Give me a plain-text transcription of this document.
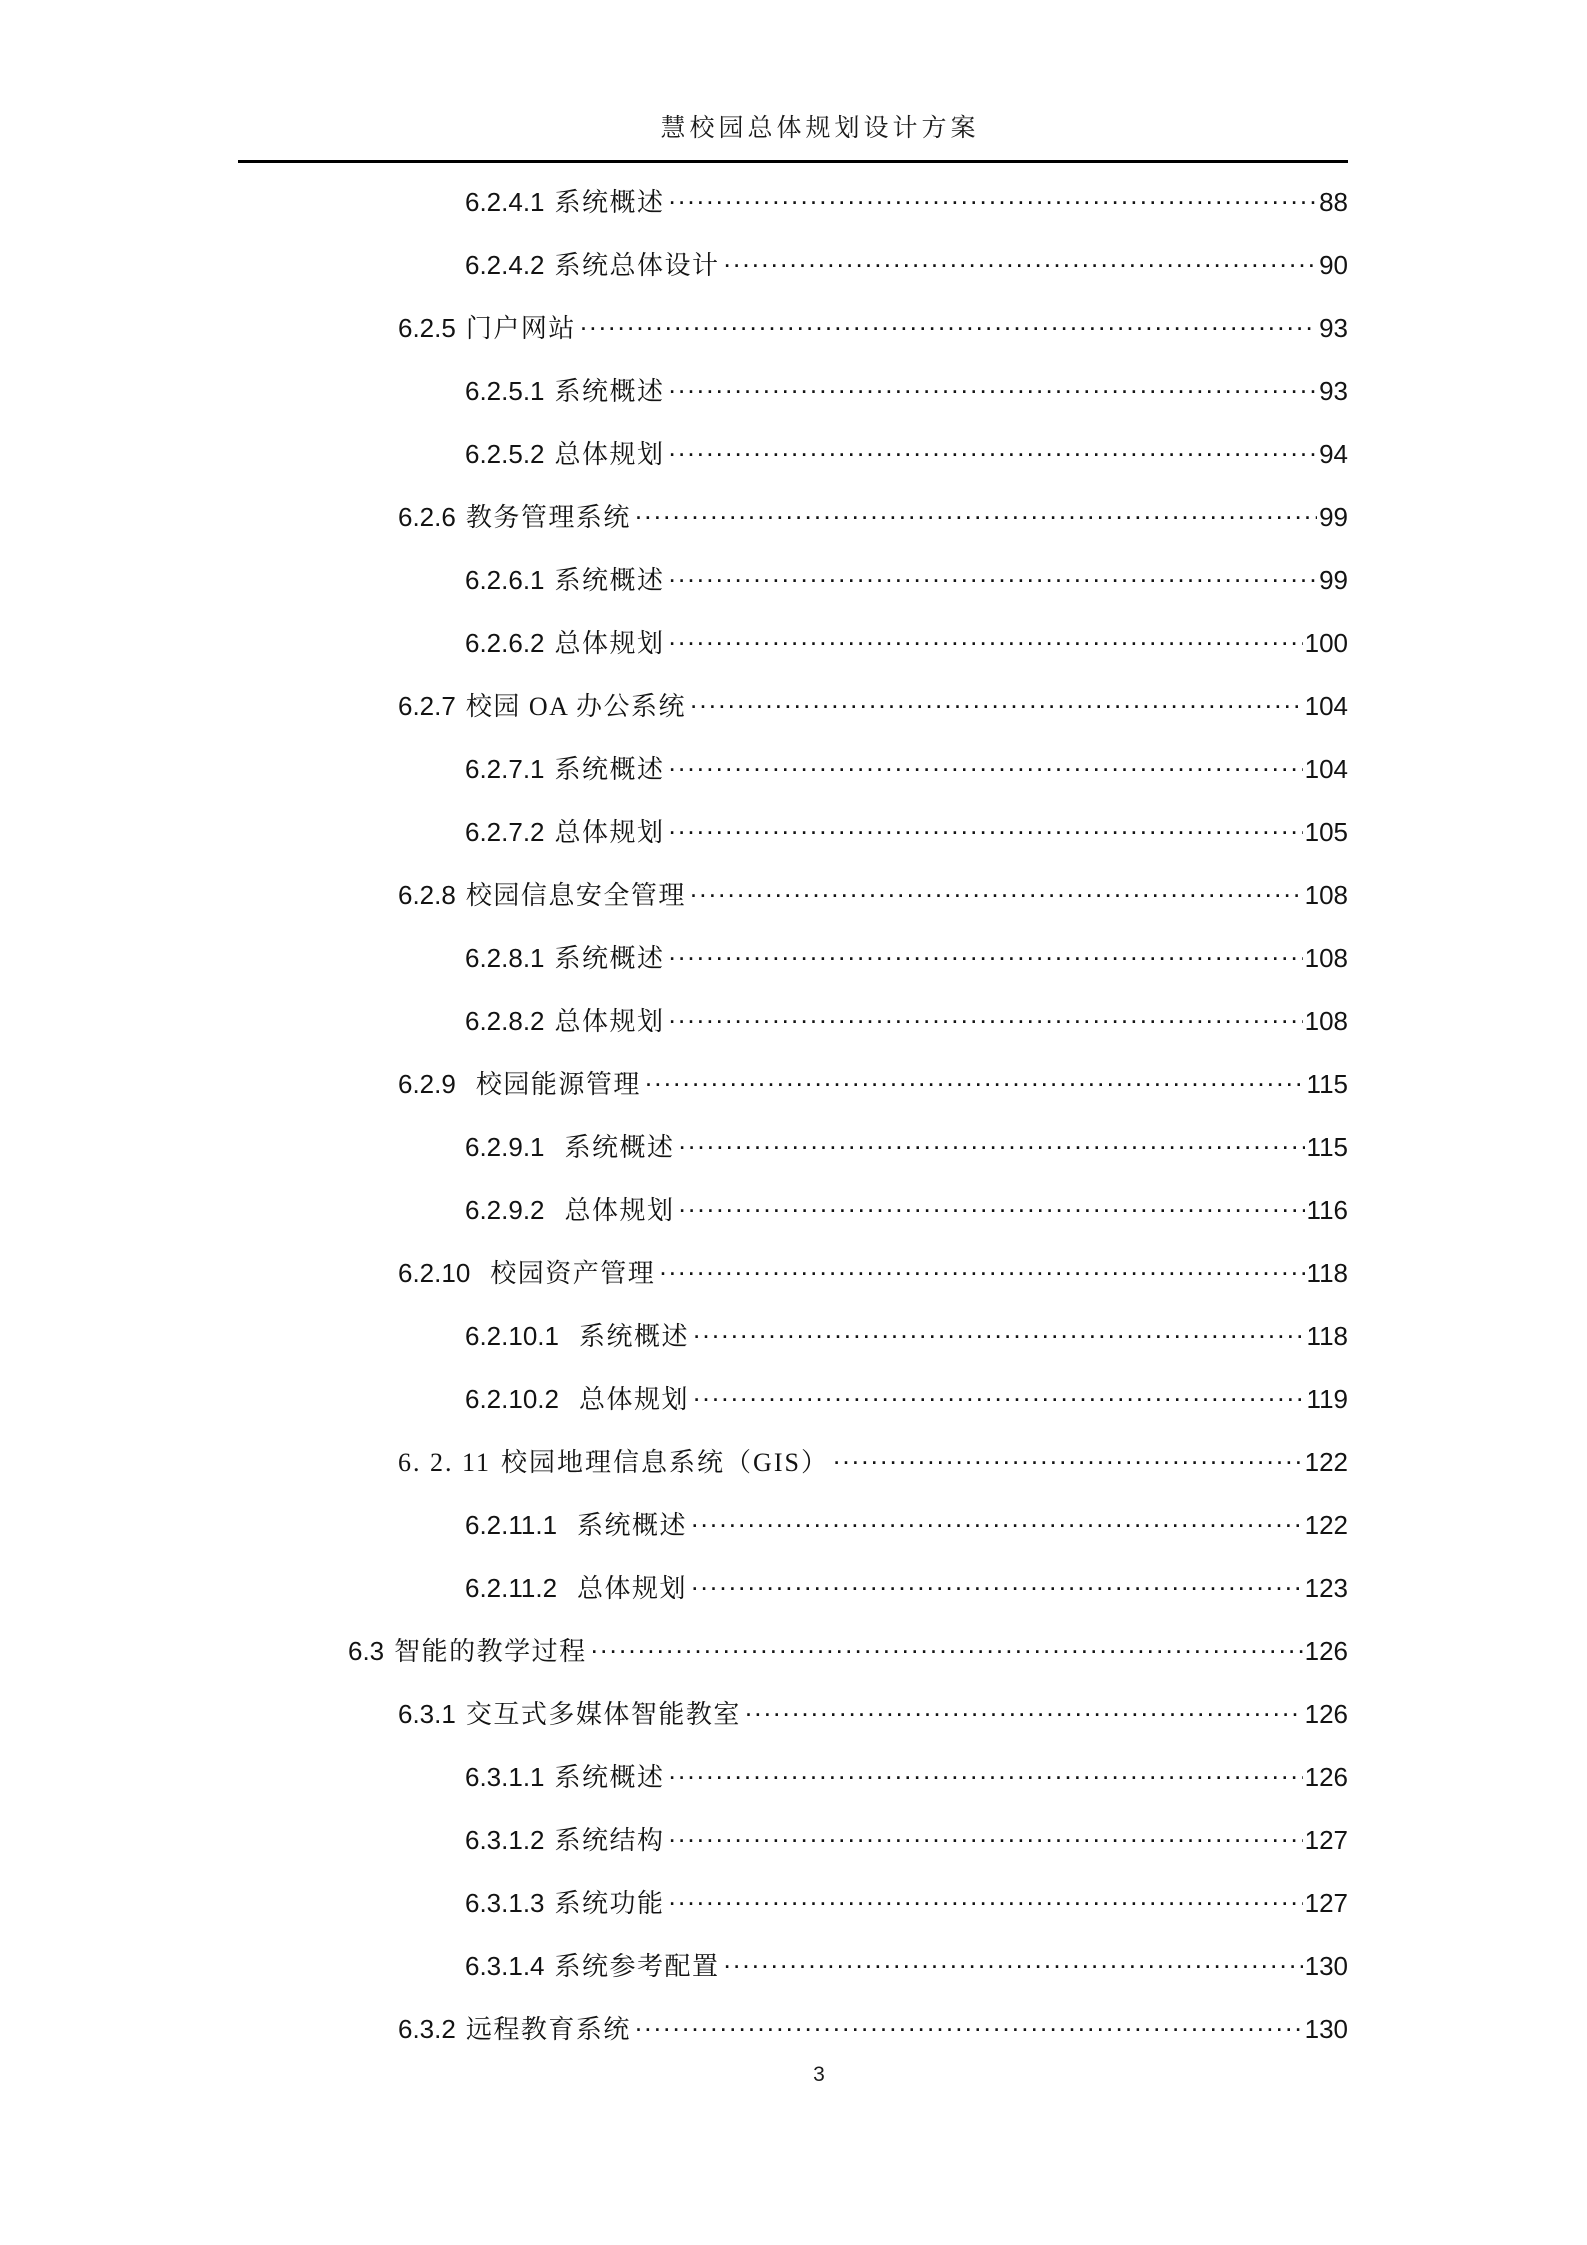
慧校园总体规划设计方案
6.2.4.1 系统概述 .....	88
6.2.4.2 系统总体设计 .....	90
6.2.5 门户网站 .....	93
6.2.5.1 系统概述 .....	93
6.2.5.2 总体规划 .....	94
6.2.6 教务管理系统 .....	99
6.2.6.1 系统概述 .....	99
6.2.6.2 总体规划 .....	100
6.2.7 校园 OA 办公系统 .....	104
6.2.7.1 系统概述 .....	104
6.2.7.2 总体规划 .....	105
6.2.8 校园信息安全管理 .....	108
6.2.8.1 系统概述 .....	108
6.2.8.2 总体规划 .....	108
6.2.9 校园能源管理 .....	115
6.2.9.1 系统概述 .....	115
6.2.9.2 总体规划 .....	116
6.2.10 校园资产管理 .....	118
6.2.10.1 系统概述 .....	118
6.2.10.2 总体规划 .....	119
6. 2. 11 校园地理信息系统（GIS） .....	122
6.2.11.1 系统概述 .....	122
6.2.11.2 总体规划 .....	123
6.3 智能的教学过程 .....	126
6.3.1 交互式多媒体智能教室 .....	126
6.3.1.1 系统概述 .....	126
6.3.1.2 系统结构 .....	127
6.3.1.3 系统功能 .....	127
6.3.1.4 系统参考配置 .....	130
6.3.2 远程教育系统 .....	130
3
